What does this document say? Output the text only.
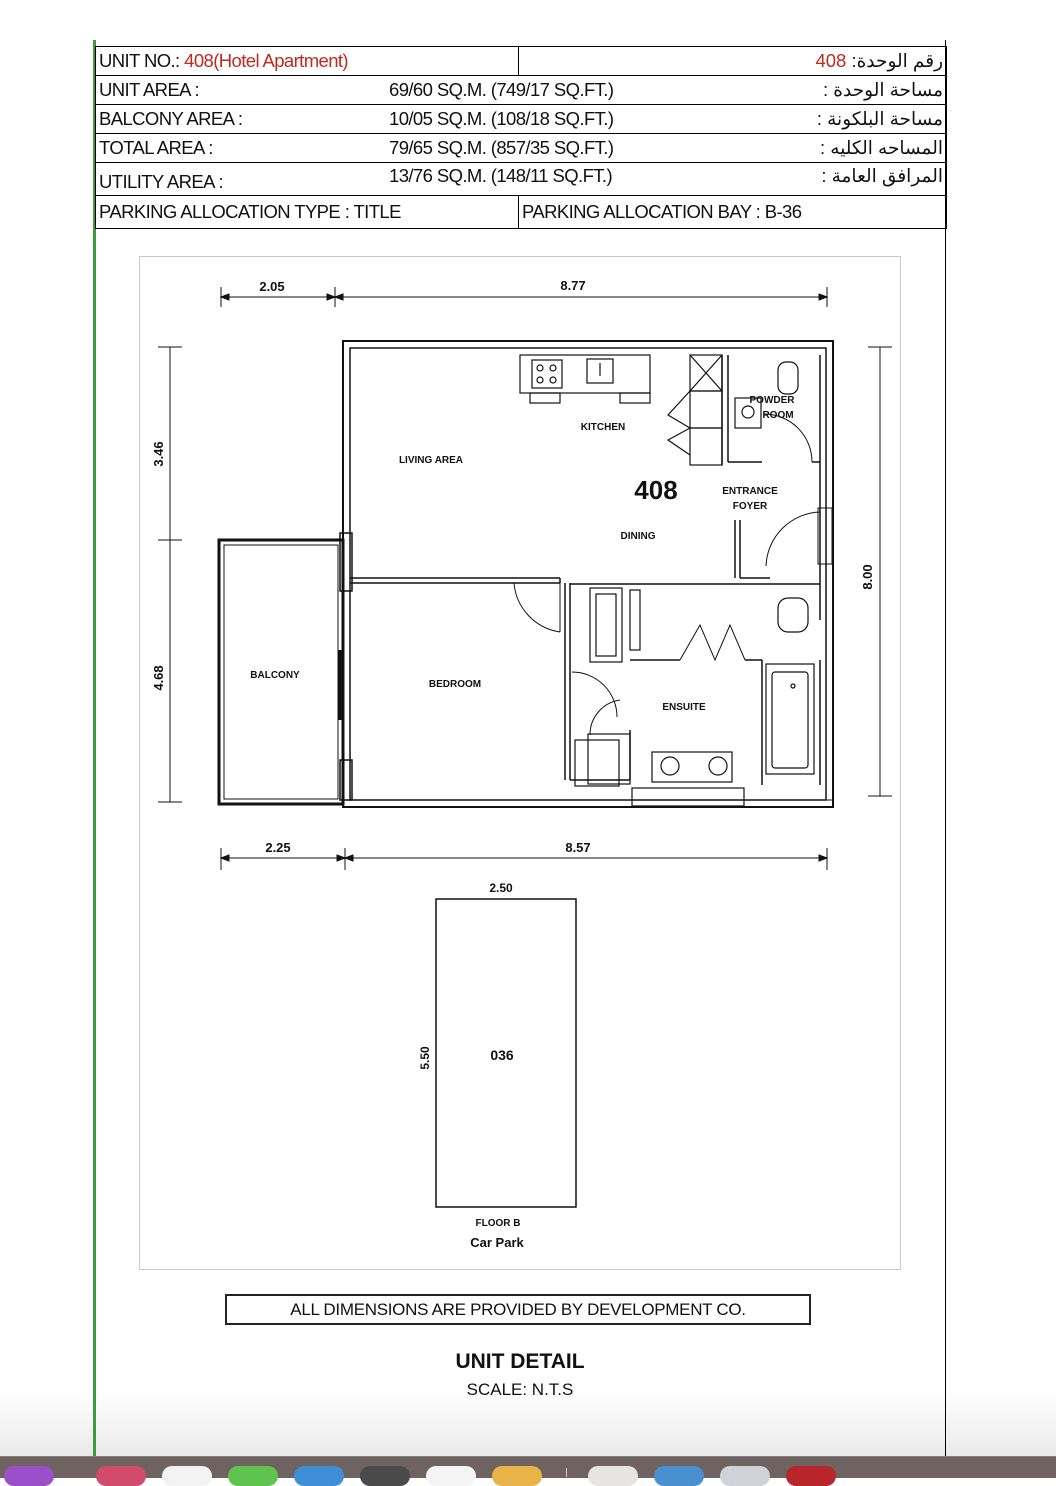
UNIT NO.: 408(Hotel Apartment)	رقم الوحدة: 408

UNIT AREA : 69/60 SQ.M. (749/17 SQ.FT.) مساحة الوحدة :	

BALCONY AREA : 10/05 SQ.M. (108/18 SQ.FT.) مساحة البلكونة :	

TOTAL AREA : 79/65 SQ.M. (857/35 SQ.FT.) المساحه الكليه :	

UTILITY AREA : 13/76 SQ.M. (148/11 SQ.FT.) المرافق العامة :	

PARKING ALLOCATION TYPE : TITLE	PARKING ALLOCATION BAY : B-36
2.05	8.77
2.25	8.57
3.46
4.68
8.00
LIVING AREA
KITCHEN
POWDER
ROOM
ENTRANCE
FOYER
DINING
BALCONY
BEDROOM
ENSUITE
408
2.50
5.50	036
FLOOR B
Car Park
ALL DIMENSIONS ARE PROVIDED BY DEVELOPMENT CO.
UNIT DETAIL
SCALE: N.T.S
